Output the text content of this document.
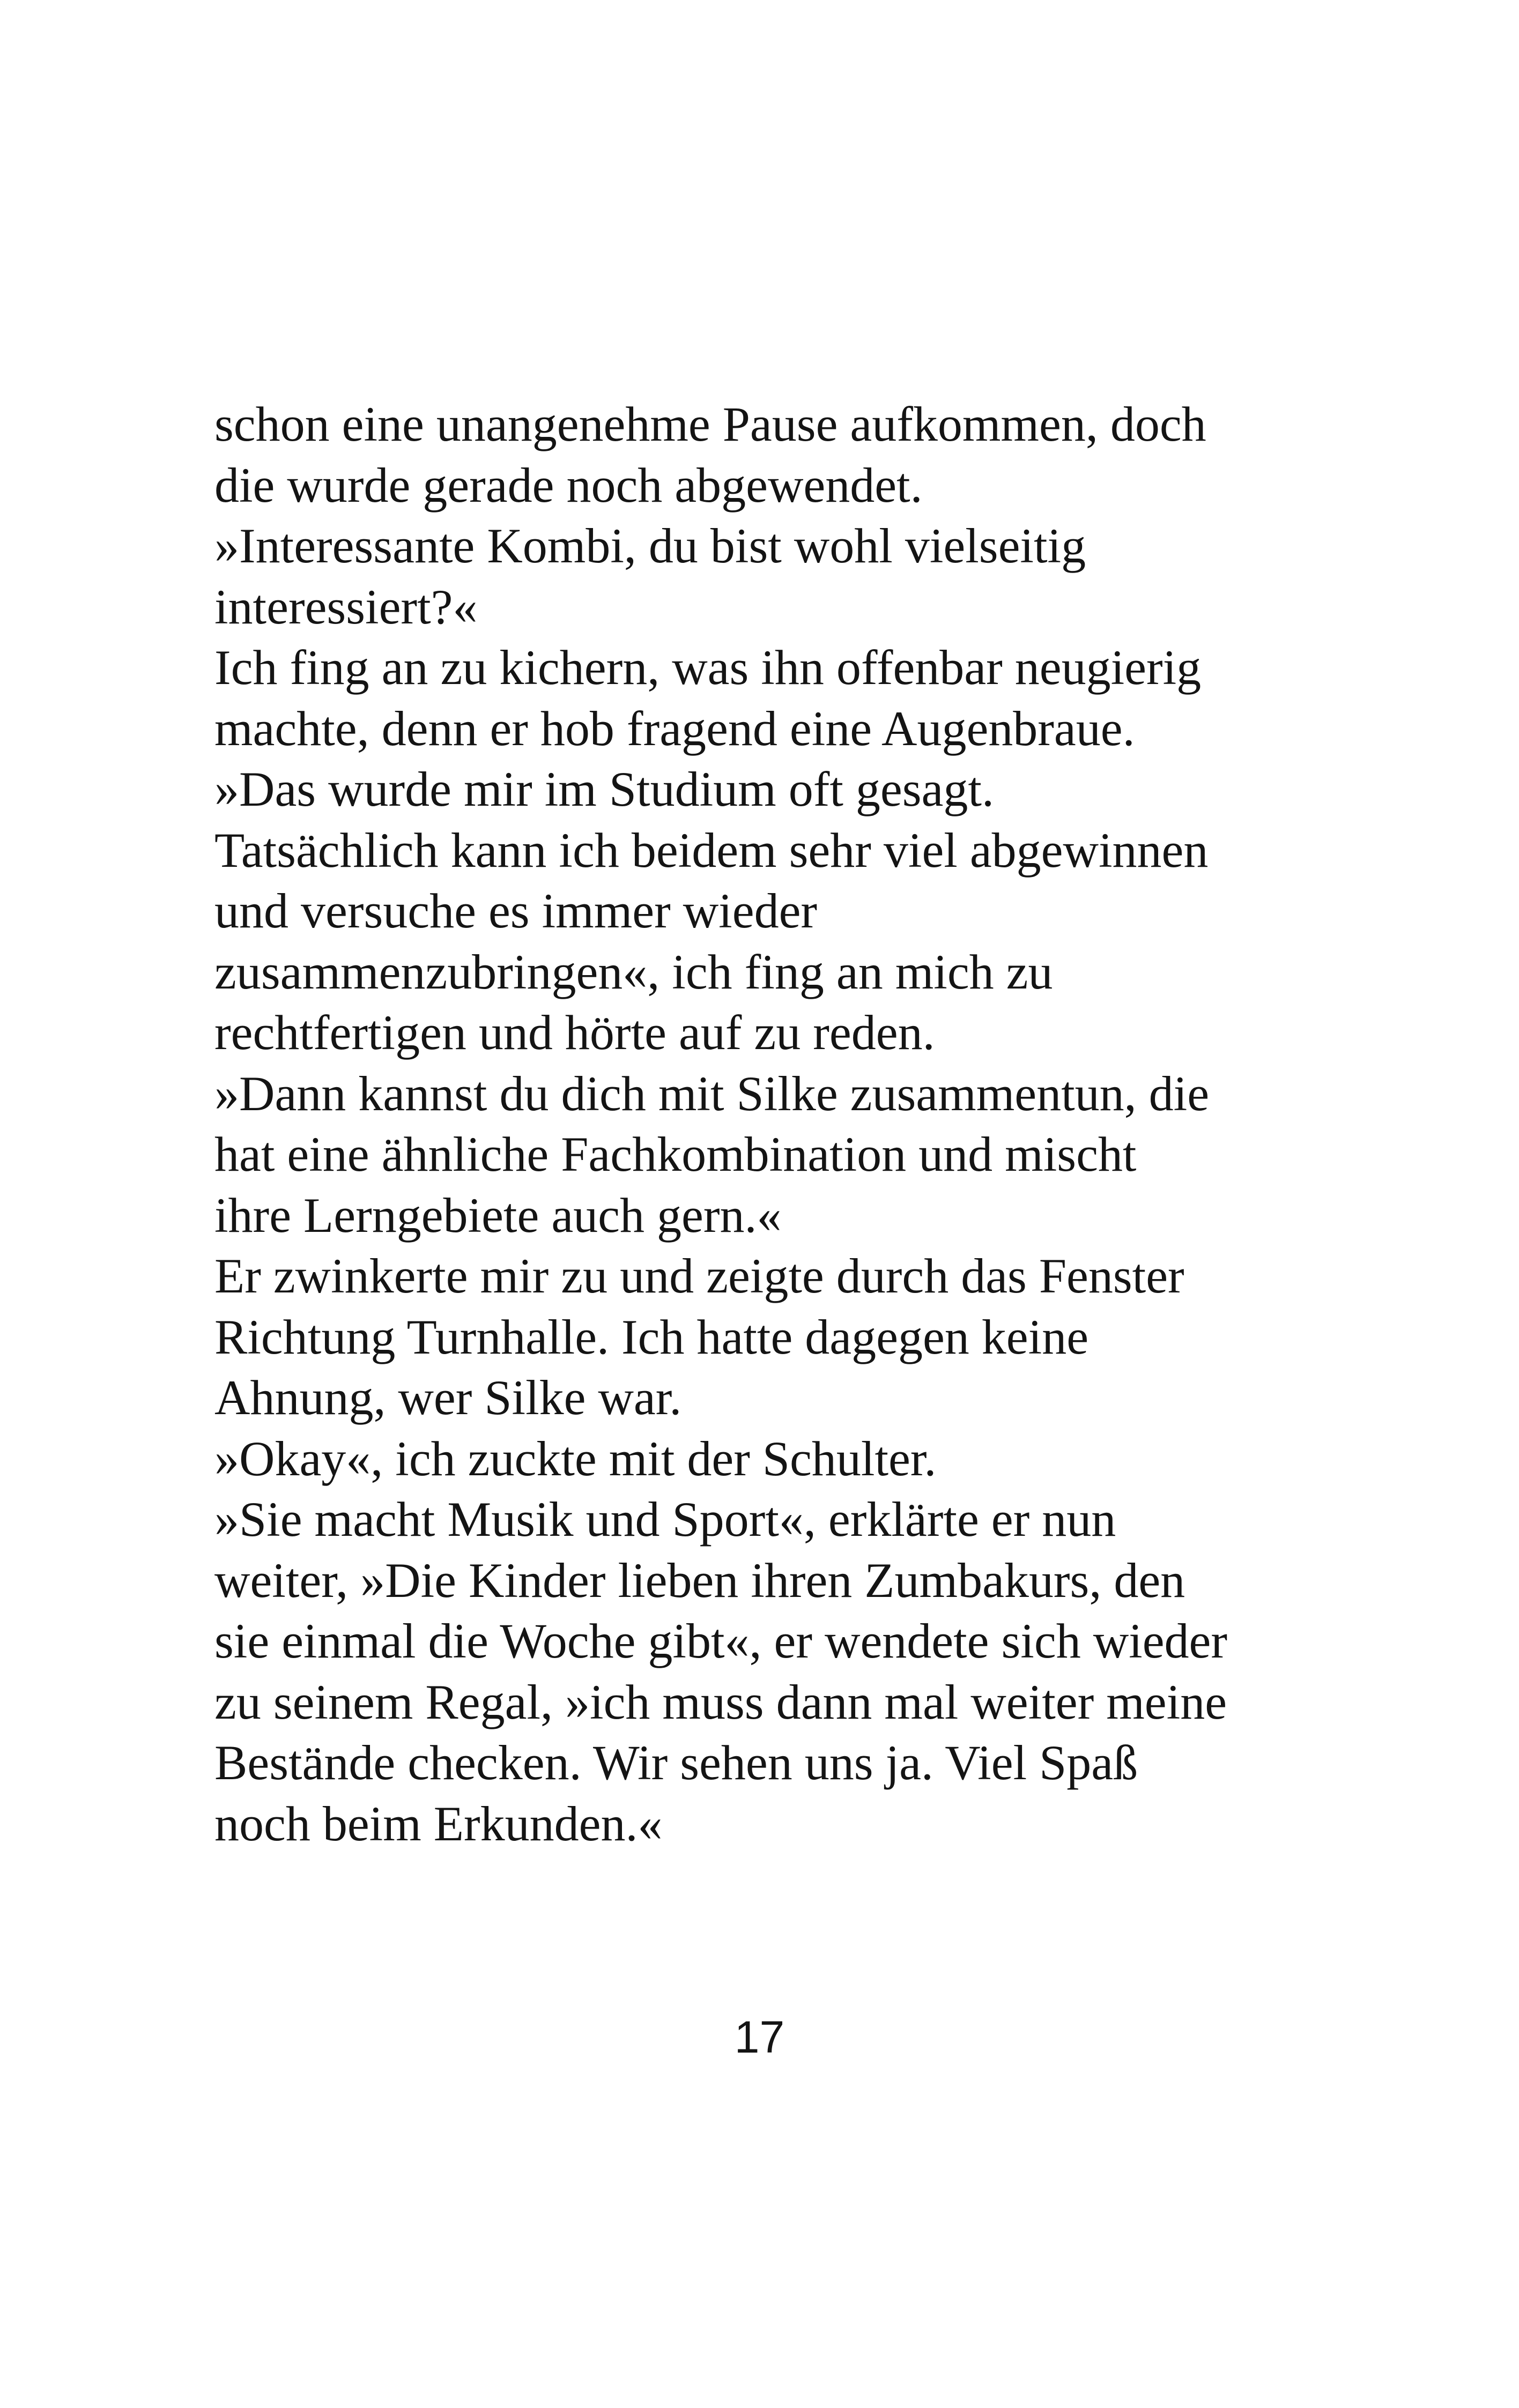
schon eine unangenehme Pause aufkommen, doch
die wurde gerade noch abgewendet.
»Interessante Kombi, du bist wohl vielseitig
interessiert?«
Ich fing an zu kichern, was ihn offenbar neugierig
machte, denn er hob fragend eine Augenbraue.
»Das wurde mir im Studium oft gesagt.
Tatsächlich kann ich beidem sehr viel abgewinnen
und versuche es immer wieder
zusammenzubringen«, ich fing an mich zu
rechtfertigen und hörte auf zu reden.
»Dann kannst du dich mit Silke zusammentun, die
hat eine ähnliche Fachkombination und mischt
ihre Lerngebiete auch gern.«
Er zwinkerte mir zu und zeigte durch das Fenster
Richtung Turnhalle. Ich hatte dagegen keine
Ahnung, wer Silke war.
»Okay«, ich zuckte mit der Schulter.
»Sie macht Musik und Sport«, erklärte er nun
weiter, »Die Kinder lieben ihren Zumbakurs, den
sie einmal die Woche gibt«, er wendete sich wieder
zu seinem Regal, »ich muss dann mal weiter meine
Bestände checken. Wir sehen uns ja. Viel Spaß
noch beim Erkunden.«
17
